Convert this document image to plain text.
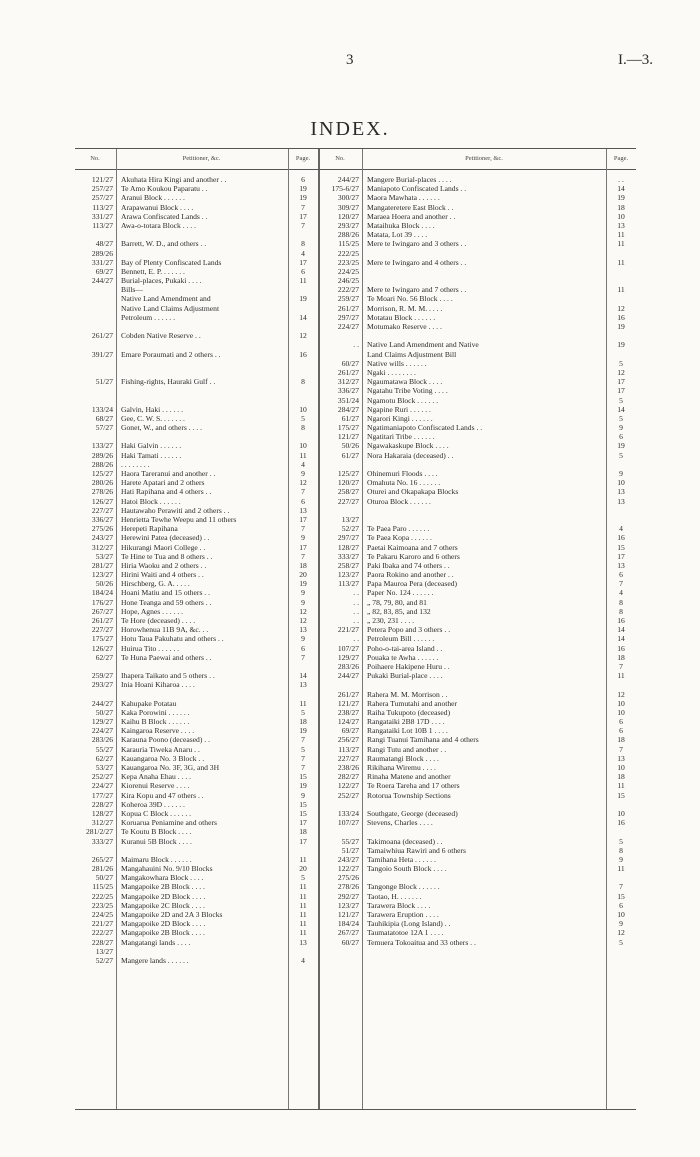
3	I.—3.
INDEX.
No.	Petitioner, &c.	Page.
121/27 Akuhata Hira Kingi and another . .	6
257/27 Te Amo Koukou Paparatu . .	19
257/27 Aranui Block . . . . . .	19
113/27 Arapawanui Block . . . .	7
331/27 Arawa Confiscated Lands . .	17
113/27 Awa-o-totara Block . . . .	7
48/27 Barrett, W. D., and others . .	8
289/26	4
331/27 Bay of Plenty Confiscated Lands	17
69/27 Bennett, E. P. . . . . . .	6
244/27 Burial-places, Pukaki . . . .	11
Bills—
Native Land Amendment and	19
Native Land Claims Adjustment
Petroleum . . . . . .	14
261/27 Cobden Native Reserve . .	12
391/27 Emare Poraumati and 2 others . .	16
51/27 Fishing-rights, Hauraki Gulf . .	8
133/24 Galvin, Haki . . . . . .	10
68/27 Gee, C. W. S. . . . . . .	5
57/27 Gonet, W., and others . . . .	8
133/27 Haki Galvin . . . . . .	10
289/26 Haki Tamati . . . . . .	11
288/26 . . . . . . . .	4
125/27 Haora Tareranui and another . .	9
280/26 Harete Apatari and 2 others	12
278/26 Hati Rapihana and 4 others . .	7
126/27 Hatoi Block . . . . . .	6
227/27 Hautawaho Perawiti and 2 others . .	13
336/27 Henrietta Tewhe Weepu and 11 others	17
275/26 Herepeti Rapihana	7
243/27 Herewini Patea (deceased) . .	9
312/27 Hikurangi Maori College . .	17
53/27 Te Hine te Tua and 8 others . .	7
281/27 Hiria Waoku and 2 others . .	18
123/27 Hirini Waiti and 4 others . .	20
50/26 Hirschberg, G. A. . . . .	19
184/24 Hoani Matiu and 15 others . .	9
176/27 Hone Teanga and 59 others . .	9
267/27 Hope, Agnes . . . . . .	12
261/27 Te Hore (deceased) . . . .	12
227/27 Horowhenua 11B 9A, &c. . .	13
175/27 Hotu Taua Pakuhatu and others . .	9
126/27 Huirua Tito . . . . . .	6
62/27 Te Huna Paewai and others . .	7
259/27 Ihapera Taikato and 5 others . .	14
293/27 Inia Hoani Kiharoa . . . .	13
244/27 Kahupake Potatau	11
50/27 Kaka Porowini . . . . . .	5
129/27 Kaihu B Block . . . . . .	18
224/27 Kaingaroa Reserve . . . .	19
283/26 Karauna Poono (deceased) . .	7
55/27 Karauria Tiweka Anaru . .	5
62/27 Kauangaroa No. 3 Block . .	7
53/27 Kauangaroa No. 3F, 3G, and 3H	7
252/27 Kepa Anaha Ehau . . . .	15
224/27 Kiorenui Reserve . . . .	19
177/27 Kira Kopu and 47 others . .	9
228/27 Koheroa 39D . . . . . .	15
128/27 Kopua C Block . . . . . .	15
312/27 Koruarua Peniamine and others	17
281/2/27 Te Koutu B Block . . . .	18
333/27 Kuranui 5B Block . . . .	17
265/27 Maimaru Block . . . . . .	11
281/26 Mangahauini No. 9/10 Blocks	20
50/27 Mangakowhara Block . . . .	5
115/25 Mangapoike 2B Block . . . .	11
222/25 Mangapoike 2D Block . . . .	11
223/25 Mangapoike 2C Block . . . .	11
224/25 Mangapoike 2D and 2A 3 Blocks	11
221/27 Mangapoike 2D Block . . . .	11
222/27 Mangapoike 2B Block . . . .	11
228/27 Mangatangi lands . . . .	13
13/27
52/27 Mangere lands . . . . . .	4
No.	Petitioner, &c.	Page.
244/27 Mangere Burial-places . . . .	. .
175-6/27 Maniapoto Confiscated Lands . .	14
300/27 Maora Mawhata . . . . . .	19
309/27 Mangateretere East Block . .	18
120/27 Maraea Hoera and another . .	10
293/27 Mataihuka Block . . . .	13
288/26 Matata, Lot 39 . . . .	11
115/25 Mere te Iwingaro and 3 others . .	11
222/25
223/25 Mere te Iwingaro and 4 others . .	11
224/25
246/25
222/27 Mere te Iwingaro and 7 others . .	11
259/27 Te Moari No. 56 Block . . . .
261/27 Morrison, R. M. M. . . . .	12
297/27 Motatau Block . . . . . .	16
224/27 Motumako Reserve . . . .	19
. . Native Land Amendment and Native	19
Land Claims Adjustment Bill
60/27 Native wills . . . . . .	5
261/27 Ngaki . . . . . . . .	12
312/27 Ngaumatawa Block . . . .	17
336/27 Ngatahu Tribe Voting . . . .	17
351/24 Ngamotu Block . . . . . .	5
284/27 Ngapine Ruri . . . . . .	14
61/27 Ngarori Kingi . . . . . .	5
175/27 Ngatimaniapoto Confiscated Lands . .	9
121/27 Ngatitari Tribe . . . . . .	6
50/26 Ngawakaskupe Block . . . .	19
61/27 Nora Hakaraia (deceased) . .	5
125/27 Ohinemuri Floods . . . .	9
120/27 Omahuta No. 16 . . . . . .	10
258/27 Oturei and Okapakapa Blocks	13
227/27 Oturoa Block . . . . . .	13
13/27
52/27 Te Paea Paro . . . . . .	4
297/27 Te Paea Kopa . . . . . .	16
128/27 Paetai Kaimoana and 7 others	15
333/27 Te Pakaru Karoro and 6 others	17
258/27 Paki Ibaka and 74 others . .	13
123/27 Paora Rokino and another . .	6
113/27 Papa Mauroa Pera (deceased)	7
. . Paper No. 124 . . . . . .	4
. . „ 78, 79, 80, and 81	8
. . „ 82, 83, 85, and 132	8
. . „ 230, 231 . . . .	16
221/27 Petera Popo and 3 others . .	14
. . Petroleum Bill . . . . . .	14
107/27 Poho-o-tai-area Island . .	16
129/27 Pouaka te Awha . . . . . .	18
283/26 Poihaere Hakipene Huru . .	7
244/27 Pukaki Burial-place . . . .	11
261/27 Rahera M. M. Morrison . .	12
121/27 Rahera Tumutahi and another	10
238/27 Raiha Tukupoto (deceased)	10
124/27 Rangataiki 2B8 17D . . . .	6
69/27 Rangataiki Lot 10B 1 . . . .	6
256/27 Rangi Tuanui Tamihana and 4 others	18
113/27 Rangi Tutu and another . .	7
227/27 Raumatangi Block . . . .	13
238/26 Rikihana Wiremu . . . .	10
282/27 Rinaha Matene and another	18
122/27 Te Roera Tareha and 17 others	11
252/27 Rotorua Township Sections	15
133/24 Southgate, George (deceased)	10
107/27 Stevens, Charles . . . .	16
55/27 Takimoana (deceased) . .	5
51/27 Tamaiwhiua Rawiri and 6 others	8
243/27 Tamihana Heta . . . . . .	9
122/27 Tangoio South Block . . . .	11
275/26
278/26 Tangonge Block . . . . . .	7
292/27 Taotao, H. . . . . . .	15
123/27 Tarawera Block . . . .	6
121/27 Tarawera Eruption . . . .	10
184/24 Tauhikipia (Long Island) . .	9
267/27 Taumatatotoe 12A 1 . . . .	12
60/27 Temuera Tokoaitua and 33 others . .	5
